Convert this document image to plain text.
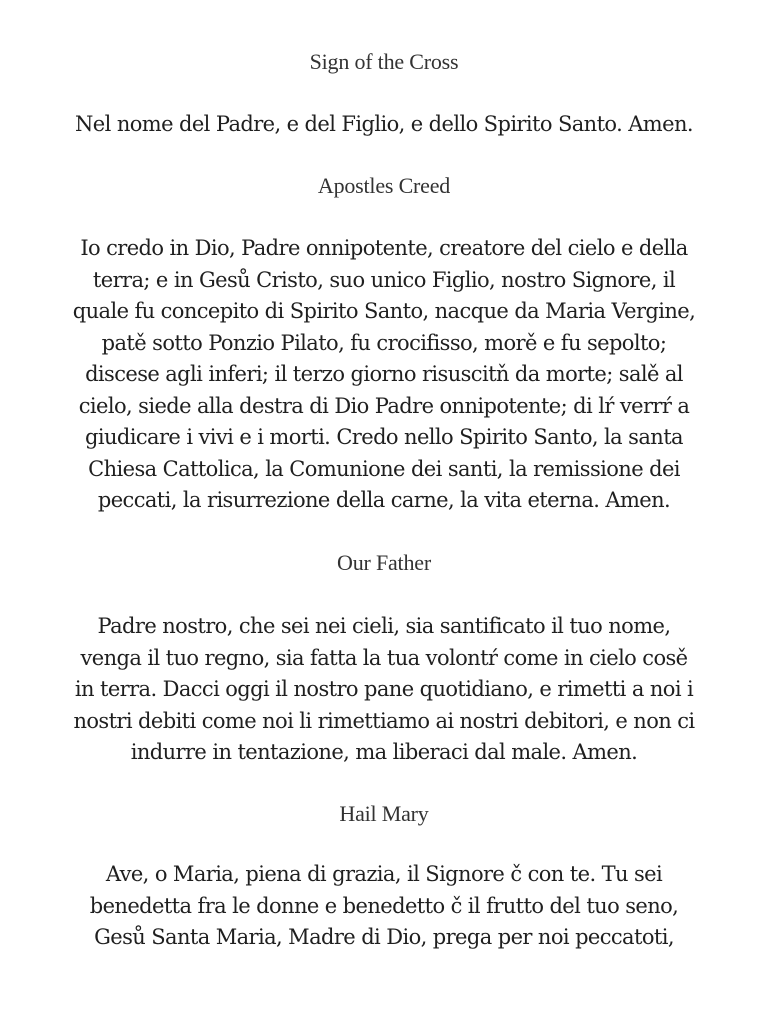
Sign of the Cross
Nel nome del Padre, e del Figlio, e dello Spirito Santo. Amen.
Apostles Creed
Io credo in Dio, Padre onnipotente, creatore del cielo e della
terra; e in Gesů Cristo, suo unico Figlio, nostro Signore, il
quale fu concepito di Spirito Santo, nacque da Maria Vergine,
patě sotto Ponzio Pilato, fu crocifisso, morě e fu sepolto;
discese agli inferi; il terzo giorno risuscitň da morte; salě al
cielo, siede alla destra di Dio Padre onnipotente; di lŕ verrŕ a
giudicare i vivi e i morti. Credo nello Spirito Santo, la santa
Chiesa Cattolica, la Comunione dei santi, la remissione dei
peccati, la risurrezione della carne, la vita eterna. Amen.
Our Father
Padre nostro, che sei nei cieli, sia santificato il tuo nome,
venga il tuo regno, sia fatta la tua volontŕ come in cielo cosě
in terra. Dacci oggi il nostro pane quotidiano, e rimetti a noi i
nostri debiti come noi li rimettiamo ai nostri debitori, e non ci
indurre in tentazione, ma liberaci dal male. Amen.
Hail Mary
Ave, o Maria, piena di grazia, il Signore č con te. Tu sei
benedetta fra le donne e benedetto č il frutto del tuo seno,
Gesů Santa Maria, Madre di Dio, prega per noi peccatoti,
